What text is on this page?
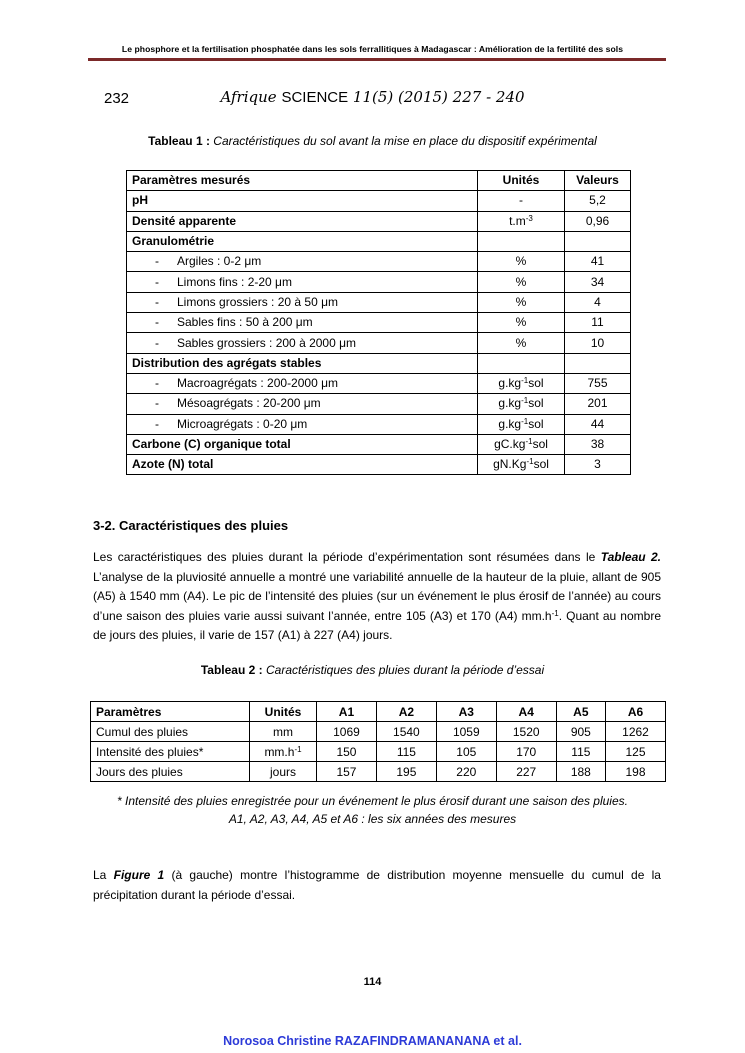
Le phosphore et la fertilisation phosphatée dans les sols ferrallitiques à Madagascar : Amélioration de la fertilité des sols
232	Afrique SCIENCE 11(5) (2015) 227 - 240
Tableau 1 : Caractéristiques du sol avant la mise en place du dispositif expérimental
Paramètres mesurés	Unités	Valeurs
pH	-	5,2
Densité apparente	$t.m^{-3}$	0,96
Granulométrie		
- Argiles : 0-2 μm	%	41
- Limons fins : 2-20 μm	%	34
- Limons grossiers : 20 à 50 μm	%	4
- Sables fins : 50 à 200 μm	%	11
- Sables grossiers : 200 à 2000 μm	%	10
Distribution des agrégats stables		
- Macroagrégats : 200-2000 μm	$g.kg^{-1}sol$	755
- Mésoagrégats : 20-200 μm	$g.kg^{-1}sol$	201
- Microagrégats : 0-20 μm	$g.kg^{-1}sol$	44
Carbone (C) organique total	$gC.kg^{-1}sol$	38
Azote (N) total	$gN.Kg^{-1}sol$	3
3-2. Caractéristiques des pluies
Les caractéristiques des pluies durant la période d’expérimentation sont résumées dans le Tableau 2. L’analyse de la pluviosité annuelle a montré une variabilité annuelle de la hauteur de la pluie, allant de 905 (A5) à 1540 mm (A4). Le pic de l’intensité des pluies (sur un événement le plus érosif de l’année) au cours d’une saison des pluies varie aussi suivant l’année, entre 105 (A3) et 170 (A4) $mm.h^{-1}$. Quant au nombre de jours des pluies, il varie de 157 (A1) à 227 (A4) jours.
Tableau 2 : Caractéristiques des pluies durant la période d’essai
Paramètres	Unités	A1	A2	A3	A4	A5	A6
Cumul des pluies	mm	1069	1540	1059	1520	905	1262
Intensité des pluies*	$mm.h^{-1}$	150	115	105	170	115	125
Jours des pluies	jours	157	195	220	227	188	198
* Intensité des pluies enregistrée pour un événement le plus érosif durant une saison des pluies.
A1, A2, A3, A4, A5 et A6 : les six années des mesures
La Figure 1 (à gauche) montre l’histogramme de distribution moyenne mensuelle du cumul de la précipitation durant la période d’essai.
114
Norosoa Christine RAZAFINDRAMANANANA et al.
